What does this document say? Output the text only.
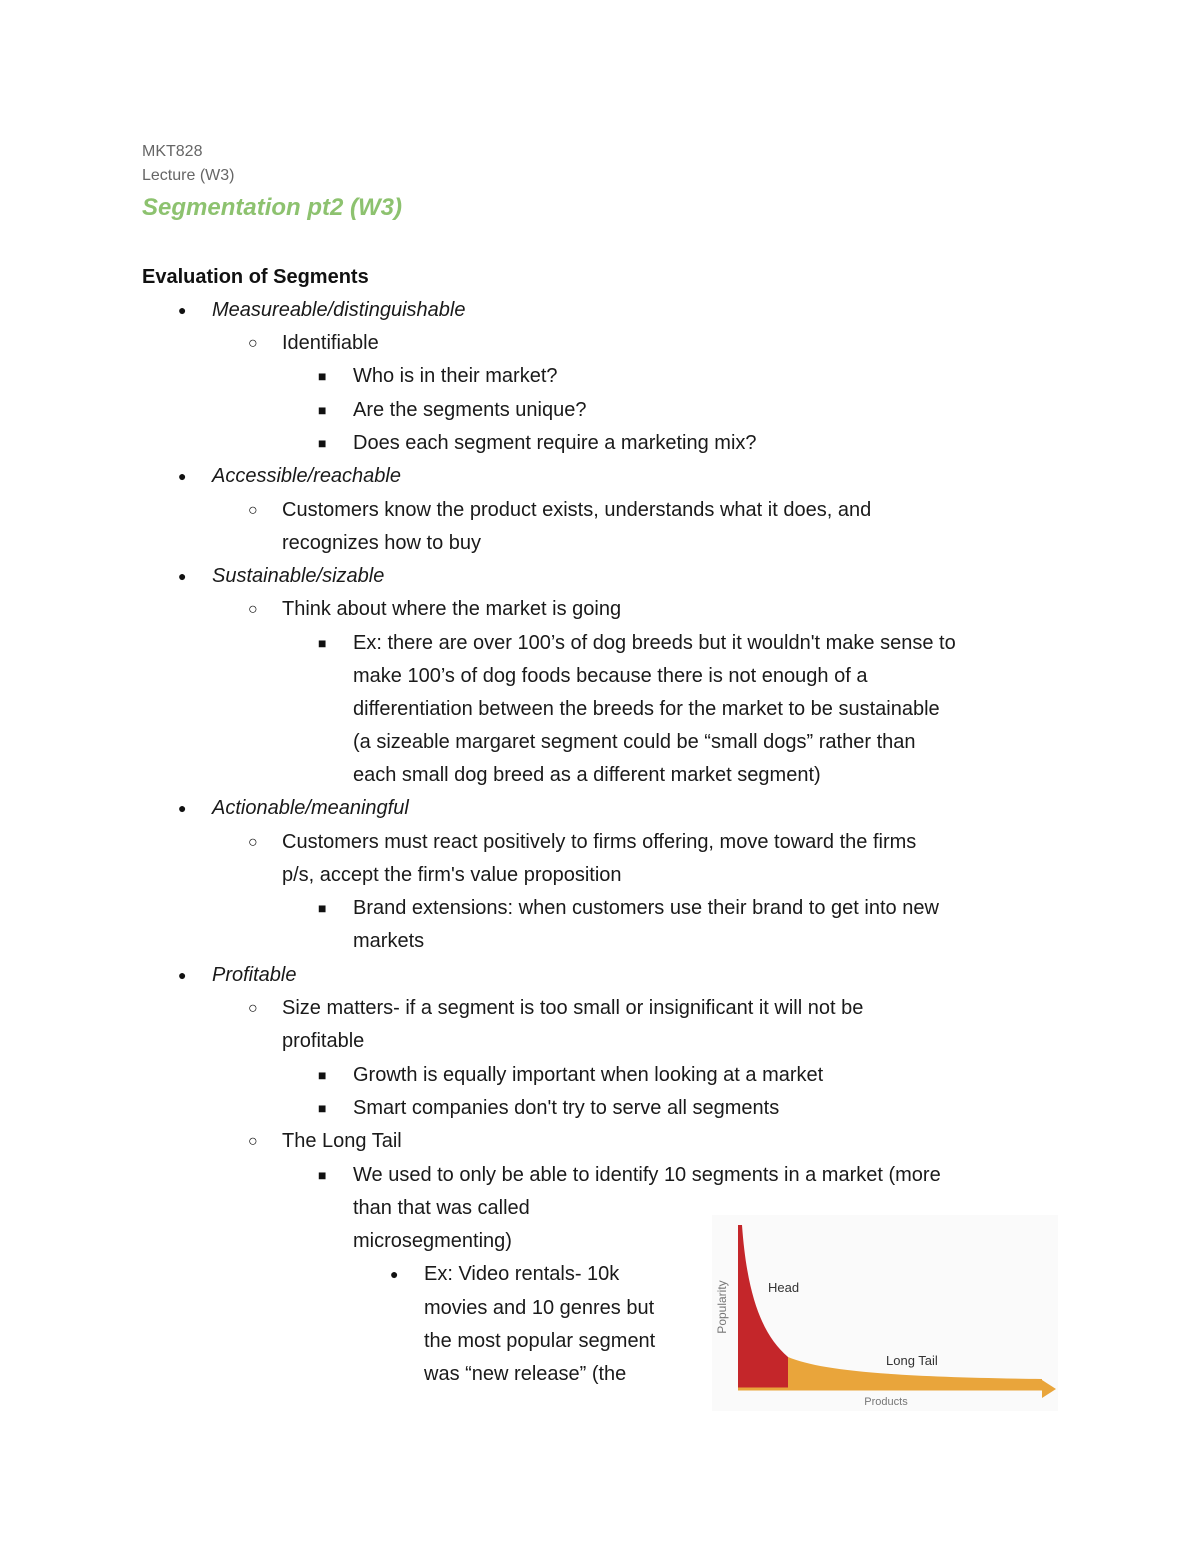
MKT828
Lecture (W3)
Segmentation pt2 (W3)
Evaluation of Segments
●
Measureable/distinguishable
○
Identifiable
■
Who is in their market?
■
Are the segments unique?
■
Does each segment require a marketing mix?
●
Accessible/reachable
○
Customers know the product exists, understands what it does, and
recognizes how to buy
●
Sustainable/sizable
○
Think about where the market is going
■
Ex: there are over 100’s of dog breeds but it wouldn't make sense to
make 100’s of dog foods because there is not enough of a
differentiation between the breeds for the market to be sustainable
(a sizeable margaret segment could be “small dogs” rather than
each small dog breed as a different market segment)
●
Actionable/meaningful
○
Customers must react positively to firms offering, move toward the firms
p/s, accept the firm's value proposition
■
Brand extensions: when customers use their brand to get into new
markets
●
Profitable
○
Size matters- if a segment is too small or insignificant it will not be
profitable
■
Growth is equally important when looking at a market
■
Smart companies don't try to serve all segments
○
The Long Tail
■
We used to only be able to identify 10 segments in a market (more
than that was called
microsegmenting)
●
Ex: Video rentals- 10k
movies and 10 genres but
the most popular segment
was “new release” (the
Popularity	Head
Long Tail
Products
